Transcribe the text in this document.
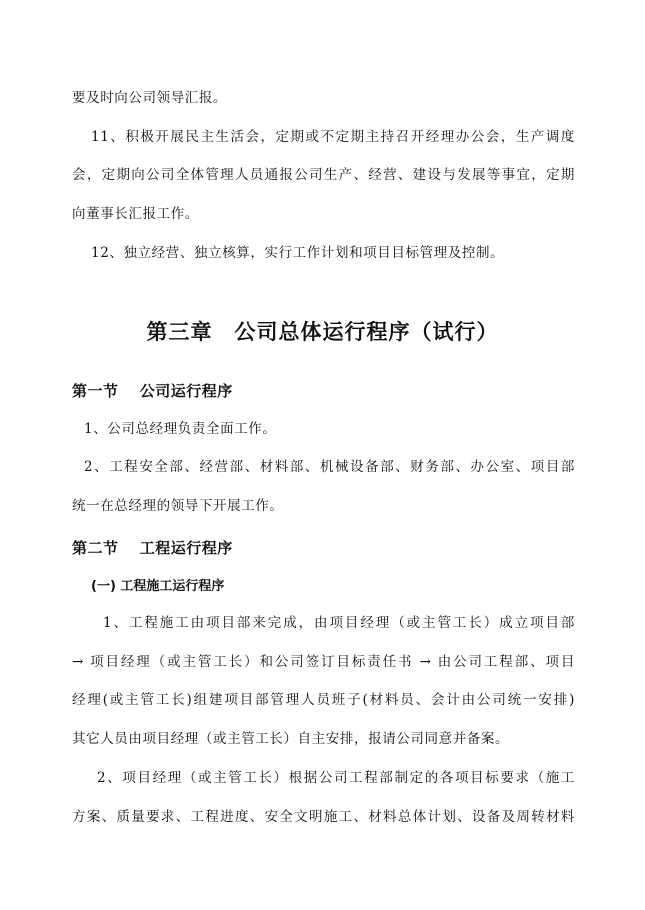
要及时向公司领导汇报。
11、积极开展民主生活会，定期或不定期主持召开经理办公会，生产调度
会，定期向公司全体管理人员通报公司生产、经营、建设与发展等事宜，定期
向董事长汇报工作。
12、独立经营、独立核算，实行工作计划和项目目标管理及控制。
第三章　公司总体运行程序（试行）
第一节　 公司运行程序
1、公司总经理负责全面工作。
2、工程安全部、经营部、材料部、机械设备部、财务部、办公室、项目部
统一在总经理的领导下开展工作。
第二节　 工程运行程序
(一) 工程施工运行程序
1、工程施工由项目部来完成，由项目经理（或主管工长）成立项目部
→ 项目经理（或主管工长）和公司签订目标责任书 → 由公司工程部、项目
经理(或主管工长)组建项目部管理人员班子(材料员、会计由公司统一安排)
其它人员由项目经理（或主管工长）自主安排，报请公司同意并备案。
2、项目经理（或主管工长）根据公司工程部制定的各项目标要求（施工
方案、质量要求、工程进度、安全文明施工、材料总体计划、设备及周转材料
